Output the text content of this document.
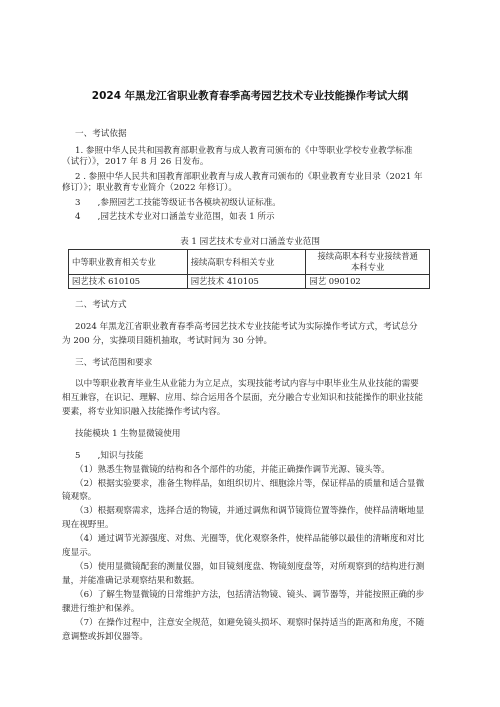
2024 年黑龙江省职业教育春季高考园艺技术专业技能操作考试大纲
一、考试依据
1. 参照中华人民共和国教育部职业教育与成人教育司颁布的《中等职业学校专业教学标准
（试行）》，2017 年 8 月 26 日发布。
2 . 参照中华人民共和国教育部职业教育与成人教育司颁布的《职业教育专业目录（2021 年
修订）》；职业教育专业简介（2022 年修订）。
3　　,参照园艺工技能等级证书各模块初级认证标准。
4　　,园艺技术专业对口涵盖专业范围，如表 1 所示
表 1 园艺技术专业对口涵盖专业范围
中等职业教育相关专业	接续高职专科相关专业	接续高职本科专业接续普通
本科专业

园艺技术 610105	园艺技术 410105	园艺 090102
二、考试方式
2024 年黑龙江省职业教育春季高考园艺技术专业技能考试为实际操作考试方式，考试总分
为 200 分，实操项目随机抽取，考试时间为 30 分钟。
三、考试范围和要求
以中等职业教育毕业生从业能力为立足点，实现技能考试内容与中职毕业生从业技能的需要
相互兼容，在识记、理解、应用、综合运用各个层面，充分融合专业知识和技能操作的职业技能
要素，将专业知识融入技能操作考试内容。
技能模块 1 生物显微镜使用
5　　,知识与技能
（1）熟悉生物显微镜的结构和各个部件的功能，并能正确操作调节光源、镜头等。
（2）根据实验要求，准备生物样品，如组织切片、细胞涂片等，保证样品的质量和适合显微
镜观察。
（3）根据观察需求，选择合适的物镜，并通过调焦和调节镜筒位置等操作，使样品清晰地显
现在视野里。
（4）通过调节光源强度、对焦、光圈等，优化观察条件，使样品能够以最佳的清晰度和对比
度显示。
（5）使用显微镜配套的测量仪器，如目镜刻度盘、物镜刻度盘等，对所观察到的结构进行测
量，并能准确记录观察结果和数据。
（6）了解生物显微镜的日常维护方法，包括清洁物镜、镜头、调节器等，并能按照正确的步
骤进行维护和保养。
（7）在操作过程中，注意安全规范，如避免镜头损坏、观察时保持适当的距离和角度，不随
意调整或拆卸仪器等。
